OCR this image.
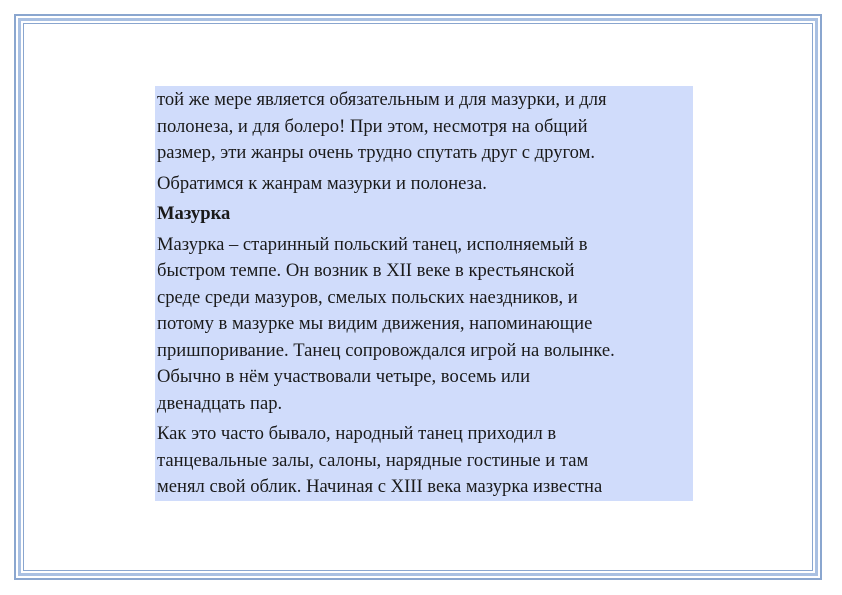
той же мере является обязательным и для мазурки, и для
полонеза, и для болеро! При этом, несмотря на общий
размер, эти жанры очень трудно спутать друг с другом.

Обратимся к жанрам мазурки и полонеза.

Мазурка

Мазурка – старинный польский танец, исполняемый в
быстром темпе. Он возник в XII веке в крестьянской
среде среди мазуров, смелых польских наездников, и
потому в мазурке мы видим движения, напоминающие
пришпоривание. Танец сопровождался игрой на волынке.
Обычно в нём участвовали четыре, восемь или
двенадцать пар.

Как это часто бывало, народный танец приходил в
танцевальные залы, салоны, нарядные гостиные и там
менял свой облик. Начиная с XIII века мазурка известна
